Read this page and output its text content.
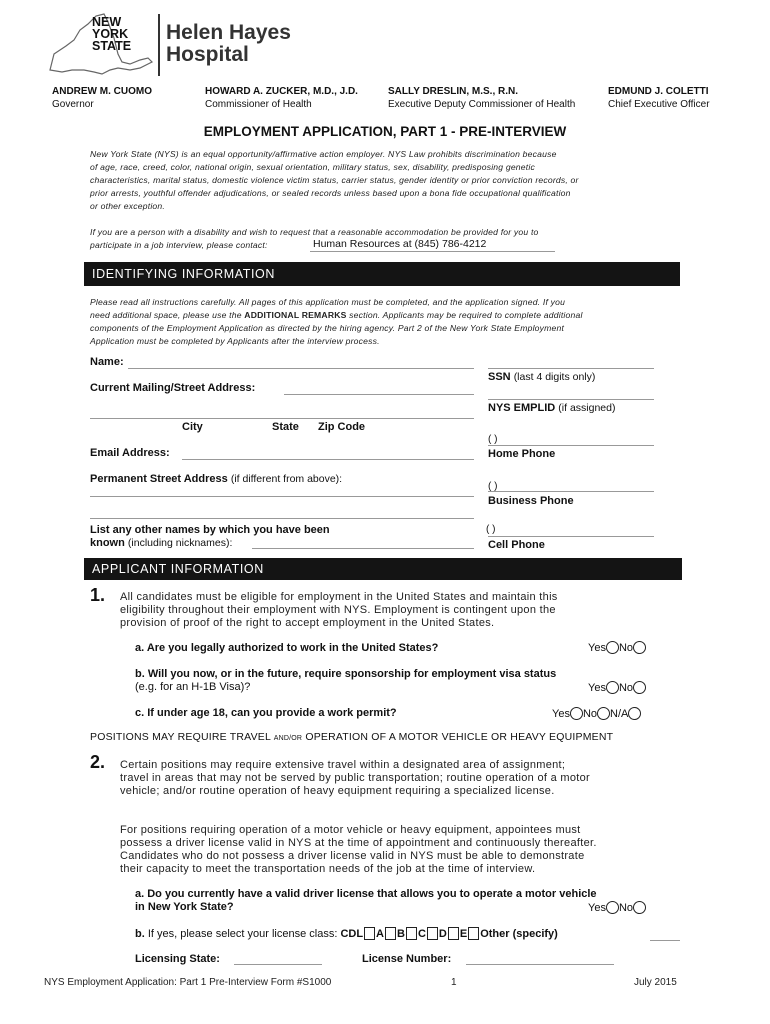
NEW
YORK
STATE
Helen Hayes
Hospital
ANDREW M. CUOMO
Governor
HOWARD A. ZUCKER, M.D., J.D.
Commissioner of Health
SALLY DRESLIN, M.S., R.N.
Executive Deputy Commissioner of Health
EDMUND J. COLETTI
Chief Executive Officer
EMPLOYMENT APPLICATION, PART 1 - PRE-INTERVIEW
New York State (NYS) is an equal opportunity/affirmative action employer. NYS Law prohibits discrimination because
of age, race, creed, color, national origin, sexual orientation, military status, sex, disability, predisposing genetic
characteristics, marital status, domestic violence victim status, carrier status, gender identity or prior conviction records, or
prior arrests, youthful offender adjudications, or sealed records unless based upon a bona fide occupational qualification
or other exception.
If you are a person with a disability and wish to request that a reasonable accommodation be provided for you to
participate in a job interview, please contact:	Human Resources at (845) 786-4212
IDENTIFYING INFORMATION
Please read all instructions carefully. All pages of this application must be completed, and the application signed. If you
need additional space, please use the ADDITIONAL REMARKS section. Applicants may be required to complete additional
components of the Employment Application as directed by the hiring agency. Part 2 of the New York State Employment
Application must be completed by Applicants after the interview process.
Name:
Current Mailing/Street Address:
City	State Zip Code
Email Address:
Permanent Street Address (if different from above):
List any other names by which you have been
known (including nicknames):
SSN (last 4 digits only)
NYS EMPLID (if assigned)
( )
Home Phone
( )
Business Phone
( )
Cell Phone
APPLICANT INFORMATION
1. All candidates must be eligible for employment in the United States and maintain this
eligibility throughout their employment with NYS. Employment is contingent upon the
provision of proof of the right to accept employment in the United States.
a. Are you legally authorized to work in the United States?	Yes No
b. Will you now, or in the future, require sponsorship for employment visa status
(e.g. for an H-1B Visa)?	Yes No
c. If under age 18, can you provide a work permit?	Yes No N/A
POSITIONS MAY REQUIRE TRAVEL AND/OR OPERATION OF A MOTOR VEHICLE OR HEAVY EQUIPMENT
2. Certain positions may require extensive travel within a designated area of assignment;
travel in areas that may not be served by public transportation; routine operation of a motor
vehicle; and/or routine operation of heavy equipment requiring a specialized license.
For positions requiring operation of a motor vehicle or heavy equipment, appointees must
possess a driver license valid in NYS at the time of appointment and continuously thereafter.
Candidates who do not possess a driver license valid in NYS must be able to demonstrate
their capacity to meet the transportation needs of the job at the time of interview.
a. Do you currently have a valid driver license that allows you to operate a motor vehicle
in New York State?	Yes No
b. If yes, please select your license class: CDL A B C D E Other (specify)
Licensing State:	License Number:
NYS Employment Application: Part 1 Pre-Interview Form #S1000	1	July 2015
